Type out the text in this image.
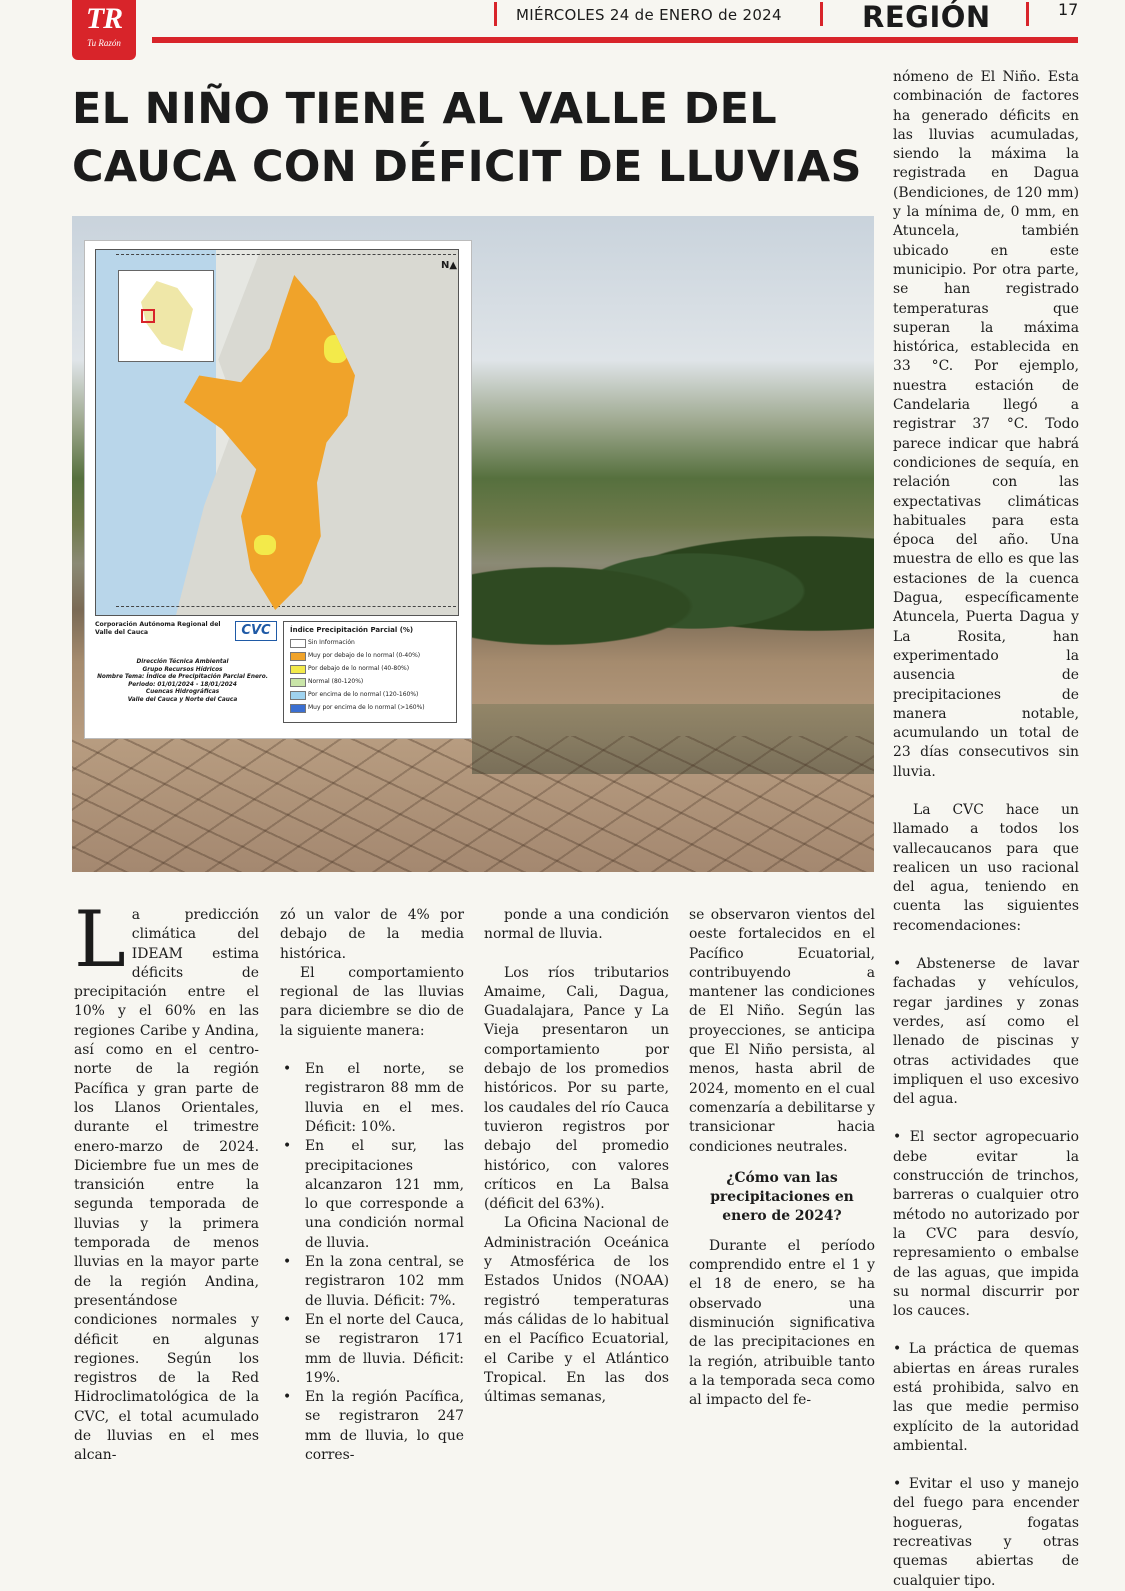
TR
Tu Razón
MIÉRCOLES 24 de ENERO de 2024	REGIÓN	17
EL NIÑO TIENE AL VALLE DEL CAUCA CON DÉFICIT DE LLUVIAS
N▲
Corporación Autónoma Regional del Valle del Cauca	CVC
Dirección Técnica Ambiental
Grupo Recursos Hídricos
Nombre Tema: Índice de Precipitación Parcial Enero.
Periodo: 01/01/2024 - 18/01/2024
Cuencas Hidrográficas
Valle del Cauca y Norte del Cauca
Índice Precipitación Parcial (%)
Sin Información
Muy por debajo de lo normal (0-40%)
Por debajo de lo normal (40-80%)
Normal (80-120%)
Por encima de lo normal (120-160%)
Muy por encima de lo normal (>160%)

La predicción climática del IDEAM estima déficits de precipitación entre el 10% y el 60% en las regiones Caribe y Andina, así como en el centro-norte de la región Pacífica y gran parte de los Llanos Orientales, durante el trimestre enero-marzo de 2024. Diciembre fue un mes de transición entre la segunda temporada de lluvias y la primera temporada de menos lluvias en la mayor parte de la región Andina, presentándose condiciones normales y déficit en algunas regiones. Según los registros de la Red Hidroclimatológica de la CVC, el total acumulado de lluvias en el mes alcan-

zó un valor de 4% por debajo de la media histórica.

El comportamiento regional de las lluvias para diciembre se dio de la siguiente manera:

• En el norte, se registraron 88 mm de lluvia en el mes. Déficit: 10%.

• En el sur, las precipitaciones alcanzaron 121 mm, lo que corresponde a una condición normal de lluvia.

• En la zona central, se registraron 102 mm de lluvia. Déficit: 7%.

• En el norte del Cauca, se registraron 171 mm de lluvia. Déficit: 19%.

• En la región Pacífica, se registraron 247 mm de lluvia, lo que corres-

ponde a una condición normal de lluvia.

Los ríos tributarios Amaime, Cali, Dagua, Guadalajara, Pance y La Vieja presentaron un comportamiento por debajo de los promedios históricos. Por su parte, los caudales del río Cauca tuvieron registros por debajo del promedio histórico, con valores críticos en La Balsa (déficit del 63%).

La Oficina Nacional de Administración Oceánica y Atmosférica de los Estados Unidos (NOAA) registró temperaturas más cálidas de lo habitual en el Pacífico Ecuatorial, el Caribe y el Atlántico Tropical. En las dos últimas semanas,

se observaron vientos del oeste fortalecidos en el Pacífico Ecuatorial, contribuyendo a mantener las condiciones de El Niño. Según las proyecciones, se anticipa que El Niño persista, al menos, hasta abril de 2024, momento en el cual comenzaría a debilitarse y transicionar hacia condiciones neutrales.

¿Cómo van las precipitaciones en enero de 2024?

Durante el período comprendido entre el 1 y el 18 de enero, se ha observado una disminución significativa de las precipitaciones en la región, atribuible tanto a la temporada seca como al impacto del fe-

nómeno de El Niño. Esta combinación de factores ha generado déficits en las lluvias acumuladas, siendo la máxima la registrada en Dagua (Bendiciones, de 120 mm) y la mínima de, 0 mm, en Atuncela, también ubicado en este municipio. Por otra parte, se han registrado temperaturas que superan la máxima histórica, establecida en 33 °C. Por ejemplo, nuestra estación de Candelaria llegó a registrar 37 °C. Todo parece indicar que habrá condiciones de sequía, en relación con las expectativas climáticas habituales para esta época del año. Una muestra de ello es que las estaciones de la cuenca Dagua, específicamente Atuncela, Puerta Dagua y La Rosita, han experimentado la ausencia de precipitaciones de manera notable, acumulando un total de 23 días consecutivos sin lluvia.

La CVC hace un llamado a todos los vallecaucanos para que realicen un uso racional del agua, teniendo en cuenta las siguientes recomendaciones:

• Abstenerse de lavar fachadas y vehículos, regar jardines y zonas verdes, así como el llenado de piscinas y otras actividades que impliquen el uso excesivo del agua.

• El sector agropecuario debe evitar la construcción de trinchos, barreras o cualquier otro método no autorizado por la CVC para desvío, represamiento o embalse de las aguas, que impida su normal discurrir por los cauces.

• La práctica de quemas abiertas en áreas rurales está prohibida, salvo en las que medie permiso explícito de la autoridad ambiental.

• Evitar el uso y manejo del fuego para encender hogueras, fogatas recreativas y otras quemas abiertas de cualquier tipo.
